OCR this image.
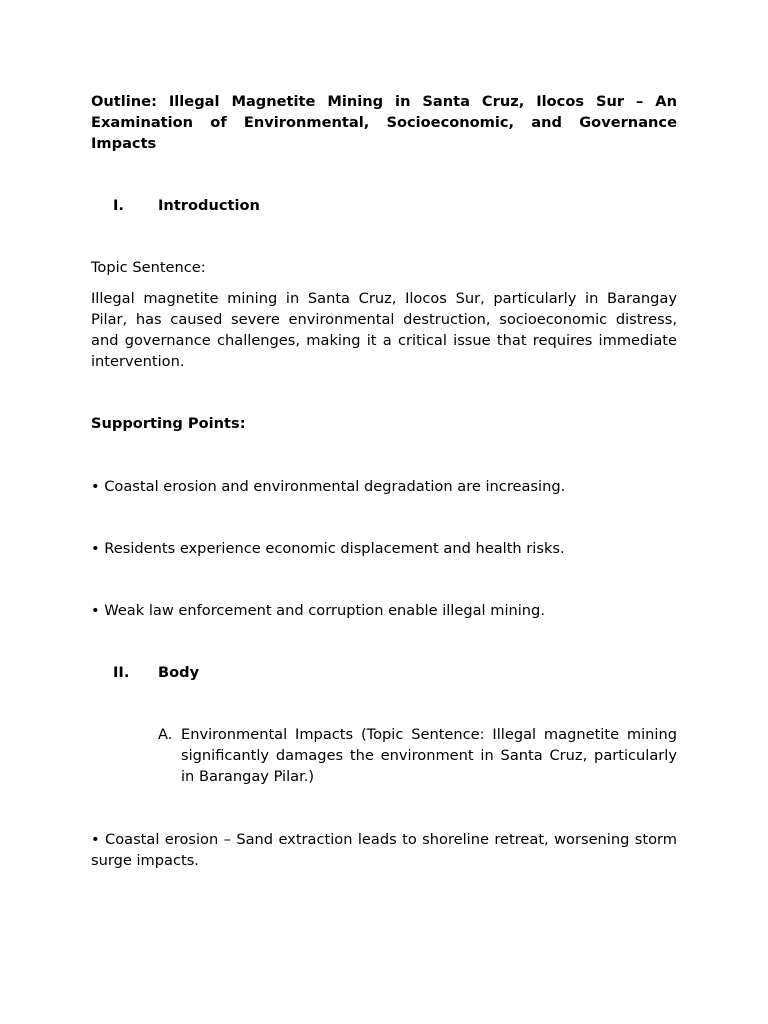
Outline: Illegal Magnetite Mining in Santa Cruz, Ilocos Sur – An Examination of Environmental, Socioeconomic, and Governance Impacts

I. Introduction

Topic Sentence:

Illegal magnetite mining in Santa Cruz, Ilocos Sur, particularly in Barangay Pilar, has caused severe environmental destruction, socioeconomic distress, and governance challenges, making it a critical issue that requires immediate intervention.

Supporting Points:

• Coastal erosion and environmental degradation are increasing.

• Residents experience economic displacement and health risks.

• Weak law enforcement and corruption enable illegal mining.

II. Body
A. Environmental Impacts (Topic Sentence: Illegal magnetite mining significantly damages the environment in Santa Cruz, particularly in Barangay Pilar.)

• Coastal erosion – Sand extraction leads to shoreline retreat, worsening storm surge impacts.
